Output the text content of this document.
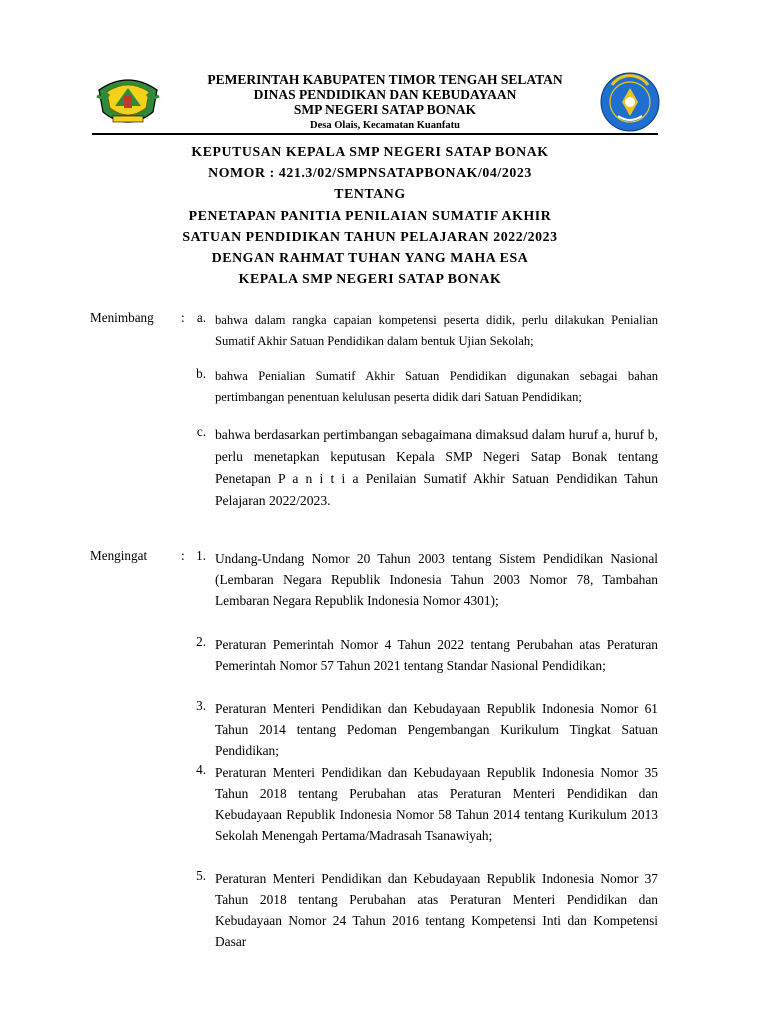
PEMERINTAH KABUPATEN TIMOR TENGAH SELATAN
DINAS PENDIDIKAN DAN KEBUDAYAAN
SMP NEGERI SATAP BONAK
Desa Olais, Kecamatan Kuanfatu
KEPUTUSAN KEPALA SMP NEGERI SATAP BONAK
NOMOR : 421.3/02/SMPNSATAPBONAK/04/2023
TENTANG
PENETAPAN PANITIA PENILAIAN SUMATIF AKHIR
SATUAN PENDIDIKAN TAHUN PELAJARAN 2022/2023
DENGAN RAHMAT TUHAN YANG MAHA ESA
KEPALA SMP NEGERI SATAP BONAK
Menimbang : a. bahwa dalam rangka capaian kompetensi peserta didik, perlu dilakukan Penialian Sumatif Akhir Satuan Pendidikan dalam bentuk Ujian Sekolah;
b. bahwa Penialian Sumatif Akhir Satuan Pendidikan digunakan sebagai bahan pertimbangan penentuan kelulusan peserta didik dari Satuan Pendidikan;
c. bahwa berdasarkan pertimbangan sebagaimana dimaksud dalam huruf a, huruf b, perlu menetapkan keputusan Kepala SMP Negeri Satap Bonak tentang Penetapan P a n i t i a Penilaian Sumatif Akhir Satuan Pendidikan Tahun Pelajaran 2022/2023.
Mengingat	: 1. Undang-Undang Nomor 20 Tahun 2003 tentang Sistem Pendidikan Nasional (Lembaran Negara Republik Indonesia Tahun 2003 Nomor 78, Tambahan Lembaran Negara Republik Indonesia Nomor 4301);
2. Peraturan Pemerintah Nomor 4 Tahun 2022 tentang Perubahan atas Peraturan Pemerintah Nomor 57 Tahun 2021 tentang Standar Nasional Pendidikan;
3. Peraturan Menteri Pendidikan dan Kebudayaan Republik Indonesia Nomor 61 Tahun 2014 tentang Pedoman Pengembangan Kurikulum Tingkat Satuan Pendidikan;
4. Peraturan Menteri Pendidikan dan Kebudayaan Republik Indonesia Nomor 35 Tahun 2018 tentang Perubahan atas Peraturan Menteri Pendidikan dan Kebudayaan Republik Indonesia Nomor 58 Tahun 2014 tentang Kurikulum 2013 Sekolah Menengah Pertama/Madrasah Tsanawiyah;
5. Peraturan Menteri Pendidikan dan Kebudayaan Republik Indonesia Nomor 37 Tahun 2018 tentang Perubahan atas Peraturan Menteri Pendidikan dan Kebudayaan Nomor 24 Tahun 2016 tentang Kompetensi Inti dan Kompetensi Dasar
